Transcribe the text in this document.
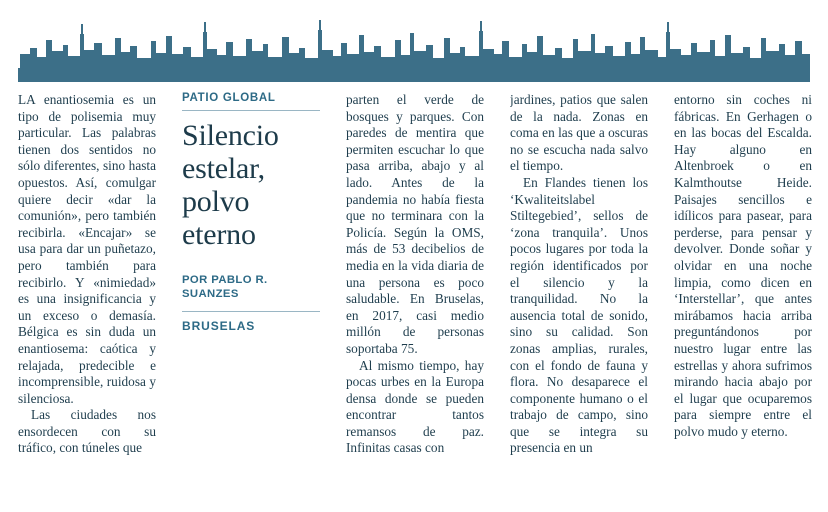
LA enantiosemia es un tipo de polisemia muy particular. Las palabras tienen dos sentidos no sólo diferentes, sino hasta opuestos. Así, comulgar quiere decir «dar la comunión», pero también recibirla. «Encajar» se usa para dar un puñetazo, pero también para recibirlo. Y «nimiedad» es una insignificancia y un exceso o demasía. Bélgica es sin duda un enantiosema: caótica y relajada, predecible e incomprensible, ruidosa y silenciosa.

Las ciudades nos ensordecen con su tráfico, con túneles que

PATIO GLOBAL
Silencio estelar, polvo eterno
POR PABLO R. SUANZES
BRUSELAS

parten el verde de bosques y parques. Con paredes de mentira que permiten escuchar lo que pasa arriba, abajo y al lado. Antes de la pandemia no había fiesta que no terminara con la Policía. Según la OMS, más de 53 decibelios de media en la vida diaria de una persona es poco saludable. En Bruselas, en 2017, casi medio millón de personas soportaba 75.

Al mismo tiempo, hay pocas urbes en la Europa densa donde se pueden encontrar tantos remansos de paz. Infinitas casas con

jardines, patios que salen de la nada. Zonas en coma en las que a oscuras no se escucha nada salvo el tiempo.

En Flandes tienen los ‘Kwaliteitslabel Stiltegebied’, sellos de ‘zona tranquila’. Unos pocos lugares por toda la región identificados por el silencio y la tranquilidad. No la ausencia total de sonido, sino su calidad. Son zonas amplias, rurales, con el fondo de fauna y flora. No desaparece el componente humano o el trabajo de campo, sino que se integra su presencia en un

entorno sin coches ni fábricas. En Gerhagen o en las bocas del Escalda. Hay alguno en Altenbroek o en Kalmthoutse Heide. Paisajes sencillos e idílicos para pasear, para perderse, para pensar y devolver. Donde soñar y olvidar en una noche limpia, como dicen en ‘Interstellar’, que antes mirábamos hacia arriba preguntándonos por nuestro lugar entre las estrellas y ahora sufrimos mirando hacia abajo por el lugar que ocuparemos para siempre entre el polvo mudo y eterno.
